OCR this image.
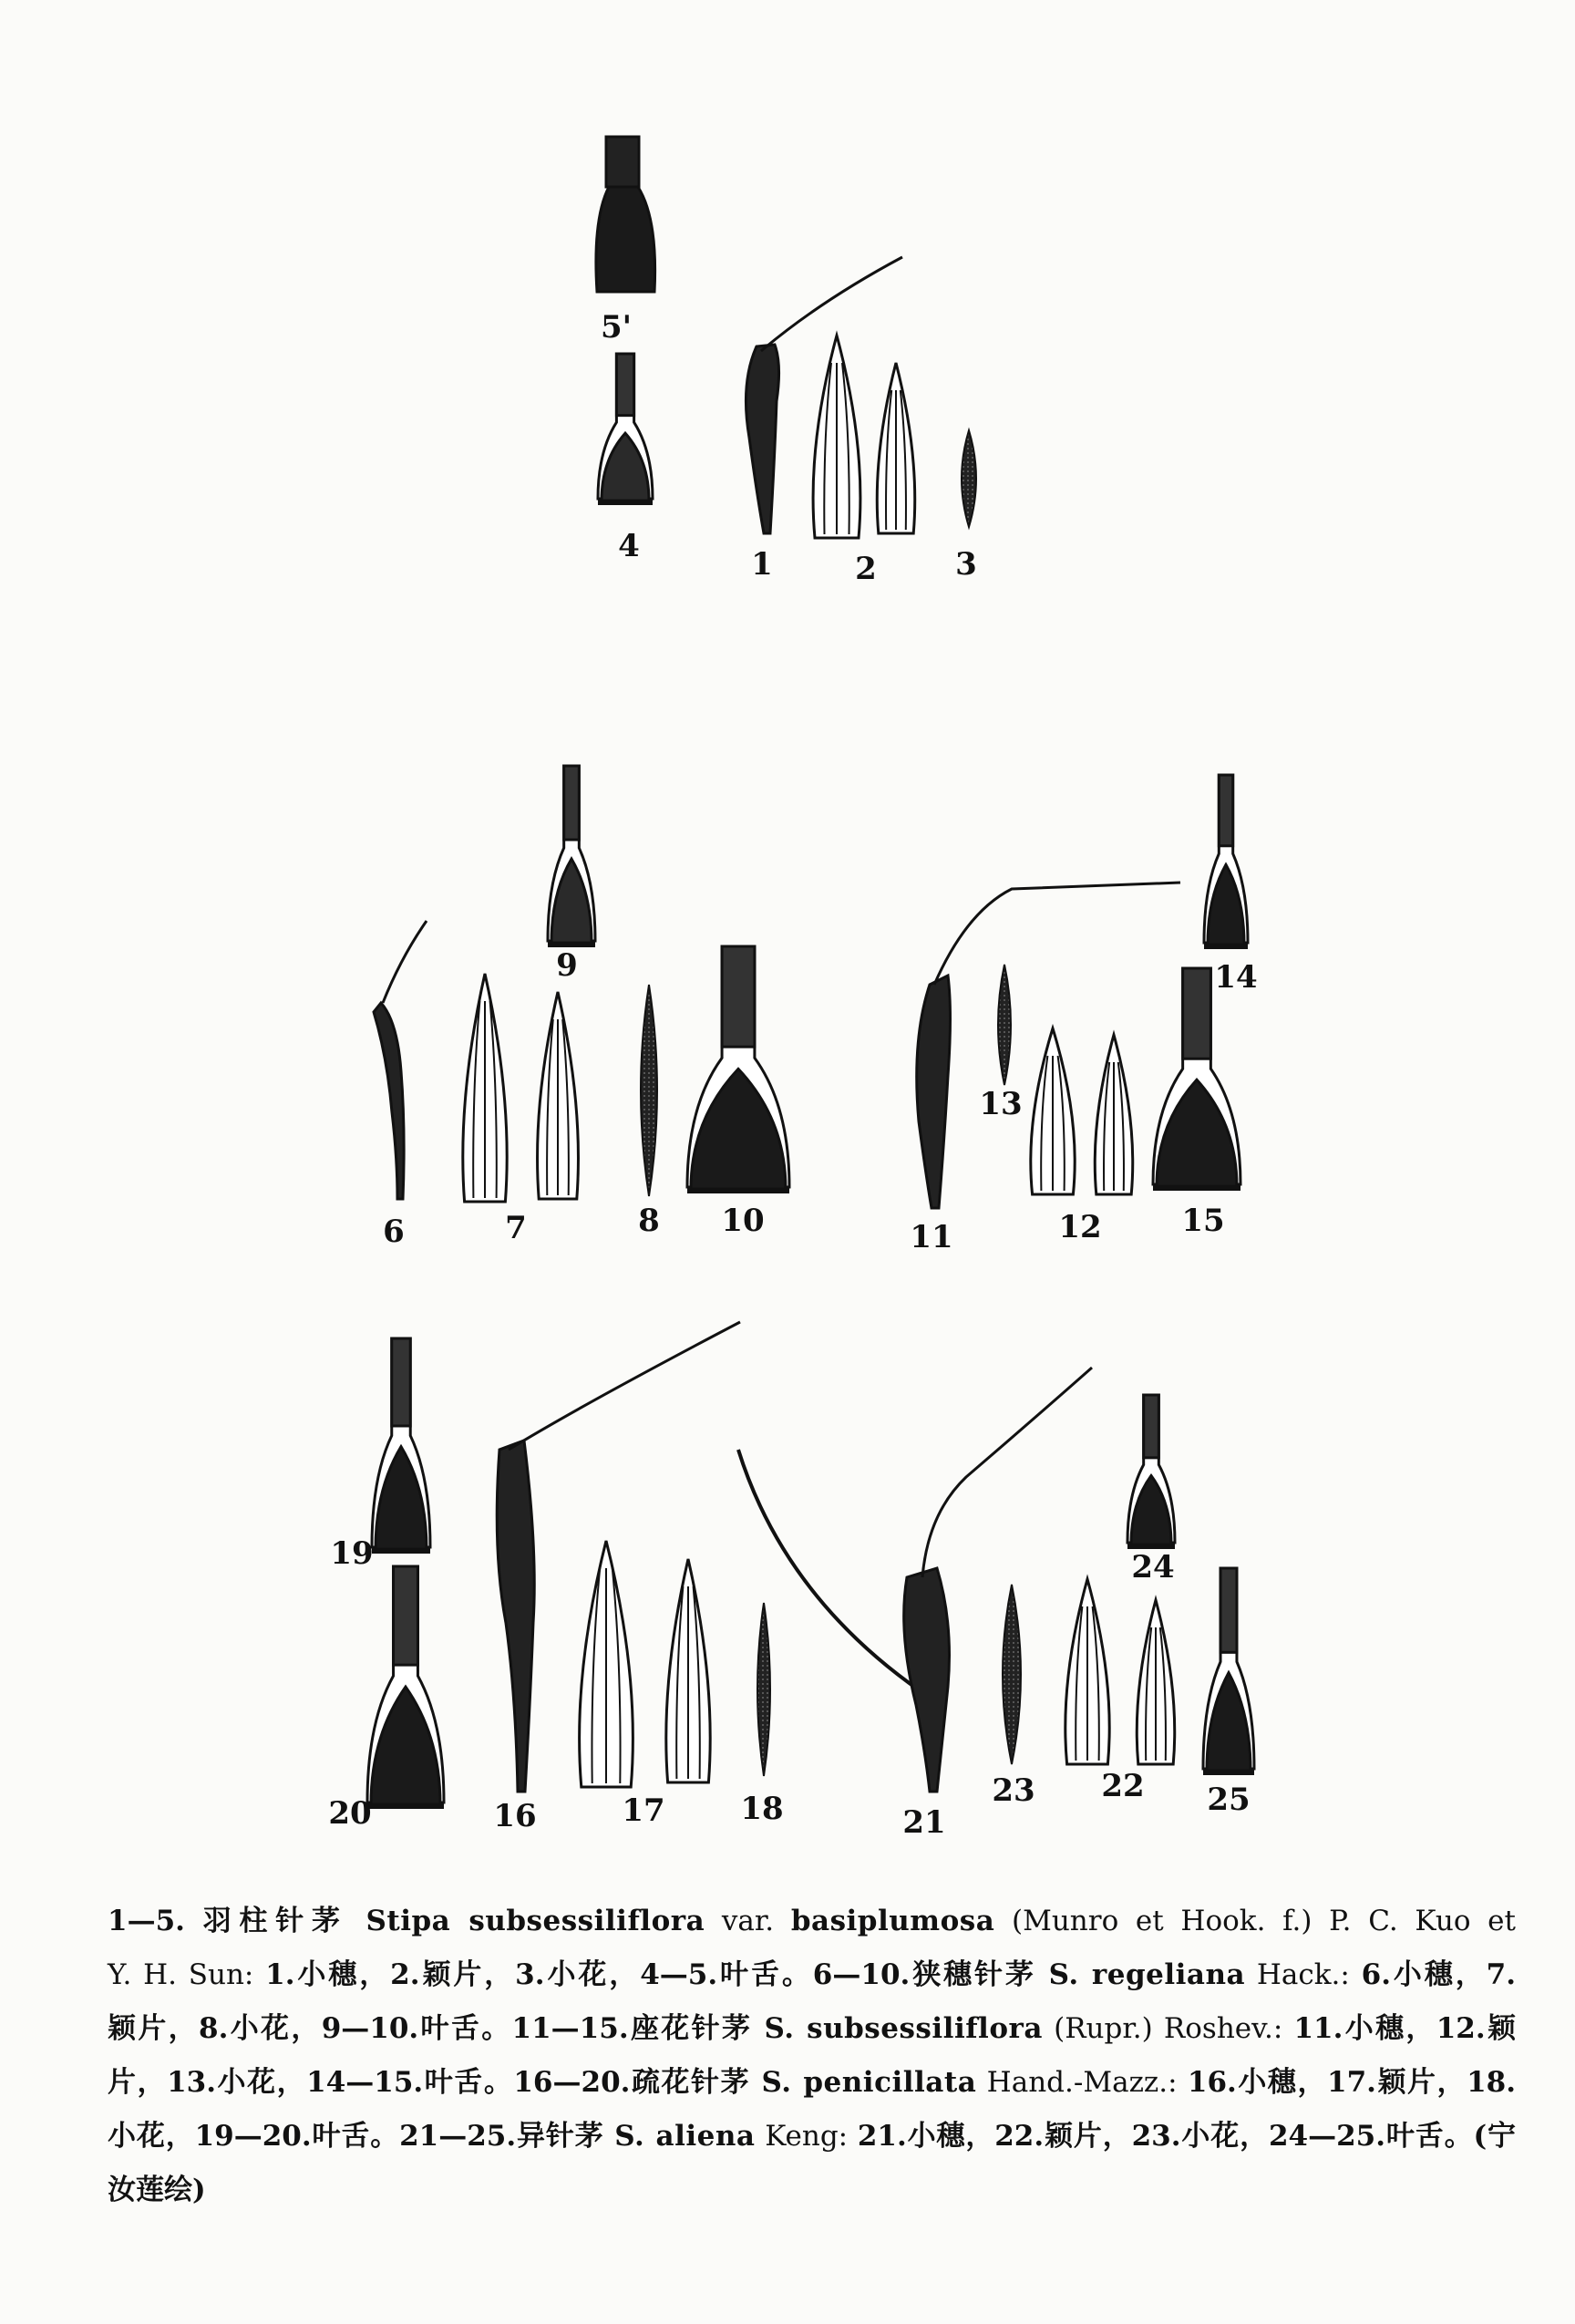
5'
4	1	2	3
9
6	7	8 10
14
11
13
12	15
19
20	16	17 18	21
23 22
24
25
1—5. 羽柱针茅 Stipa subsessiliflora var. basiplumosa (Munro et Hook. f.) P. C. Kuo et
Y. H. Sun: 1.小穗，2.颖片，3.小花，4—5.叶舌。6—10.狭穗针茅 S. regeliana Hack.: 6.小穗，7.
颖片，8.小花，9—10.叶舌。11—15.座花针茅 S. subsessiliflora (Rupr.) Roshev.: 11.小穗，12.颖
片，13.小花，14—15.叶舌。16—20.疏花针茅 S. penicillata Hand.-Mazz.: 16.小穗，17.颖片，18.
小花，19—20.叶舌。21—25.异针茅 S. aliena Keng: 21.小穗，22.颖片，23.小花，24—25.叶舌。(宁
汝莲绘)
